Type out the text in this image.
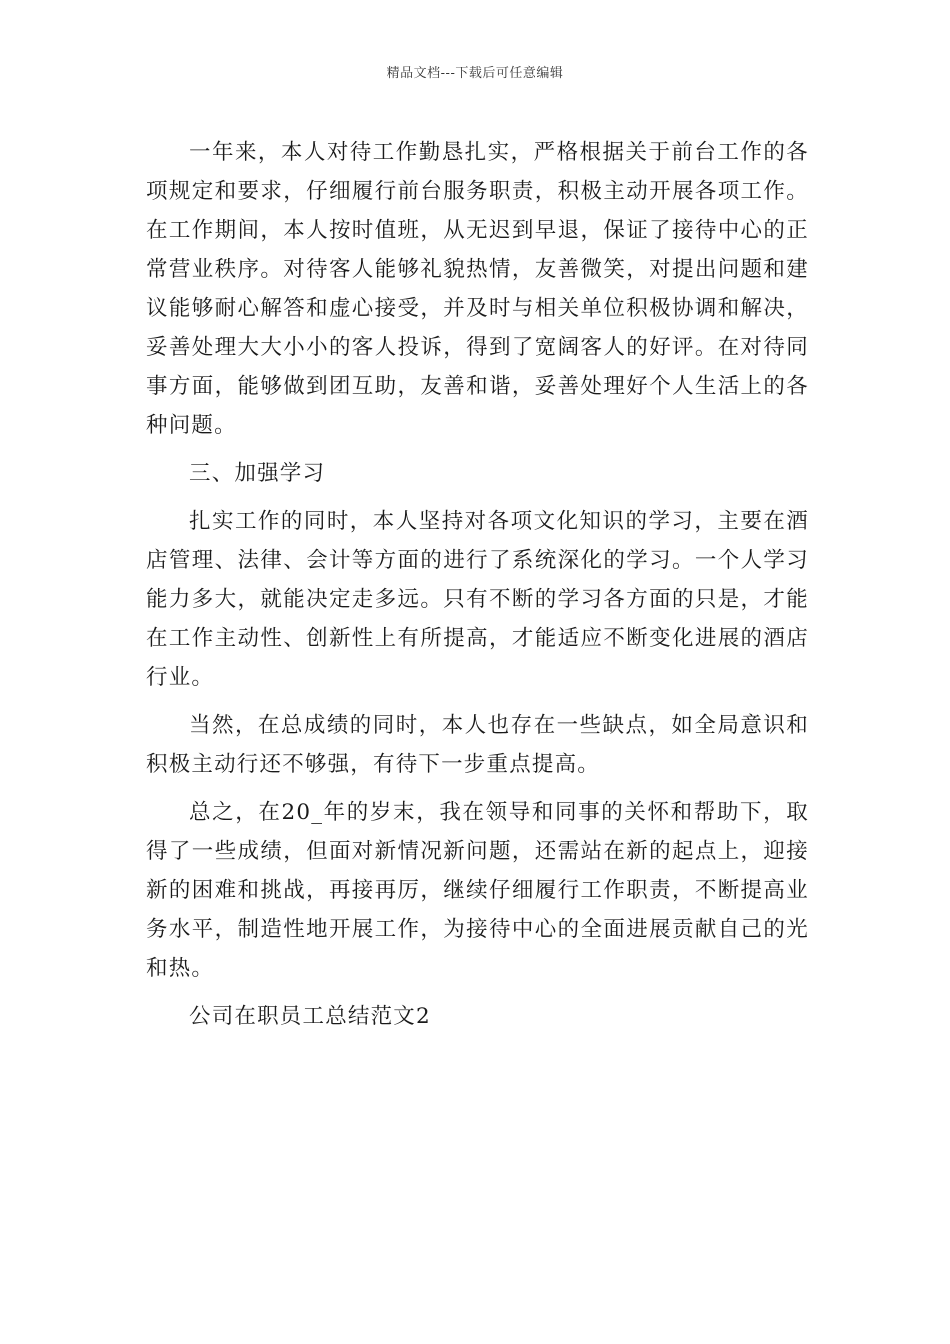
精品文档---下载后可任意编辑

一年来，本人对待工作勤恳扎实，严格根据关于前台工作的各项规定和要求，仔细履行前台服务职责，积极主动开展各项工作。在工作期间，本人按时值班，从无迟到早退，保证了接待中心的正常营业秩序。对待客人能够礼貌热情，友善微笑，对提出问题和建议能够耐心解答和虚心接受，并及时与相关单位积极协调和解决，妥善处理大大小小的客人投诉，得到了宽阔客人的好评。在对待同事方面，能够做到团互助，友善和谐，妥善处理好个人生活上的各种问题。

三、加强学习

扎实工作的同时，本人坚持对各项文化知识的学习，主要在酒店管理、法律、会计等方面的进行了系统深化的学习。一个人学习能力多大，就能决定走多远。只有不断的学习各方面的只是，才能在工作主动性、创新性上有所提高，才能适应不断变化进展的酒店行业。

当然，在总成绩的同时，本人也存在一些缺点，如全局意识和积极主动行还不够强，有待下一步重点提高。

总之，在20_年的岁末，我在领导和同事的关怀和帮助下，取得了一些成绩，但面对新情况新问题，还需站在新的起点上，迎接新的困难和挑战，再接再厉，继续仔细履行工作职责，不断提高业务水平，制造性地开展工作，为接待中心的全面进展贡献自己的光和热。

公司在职员工总结范文2
